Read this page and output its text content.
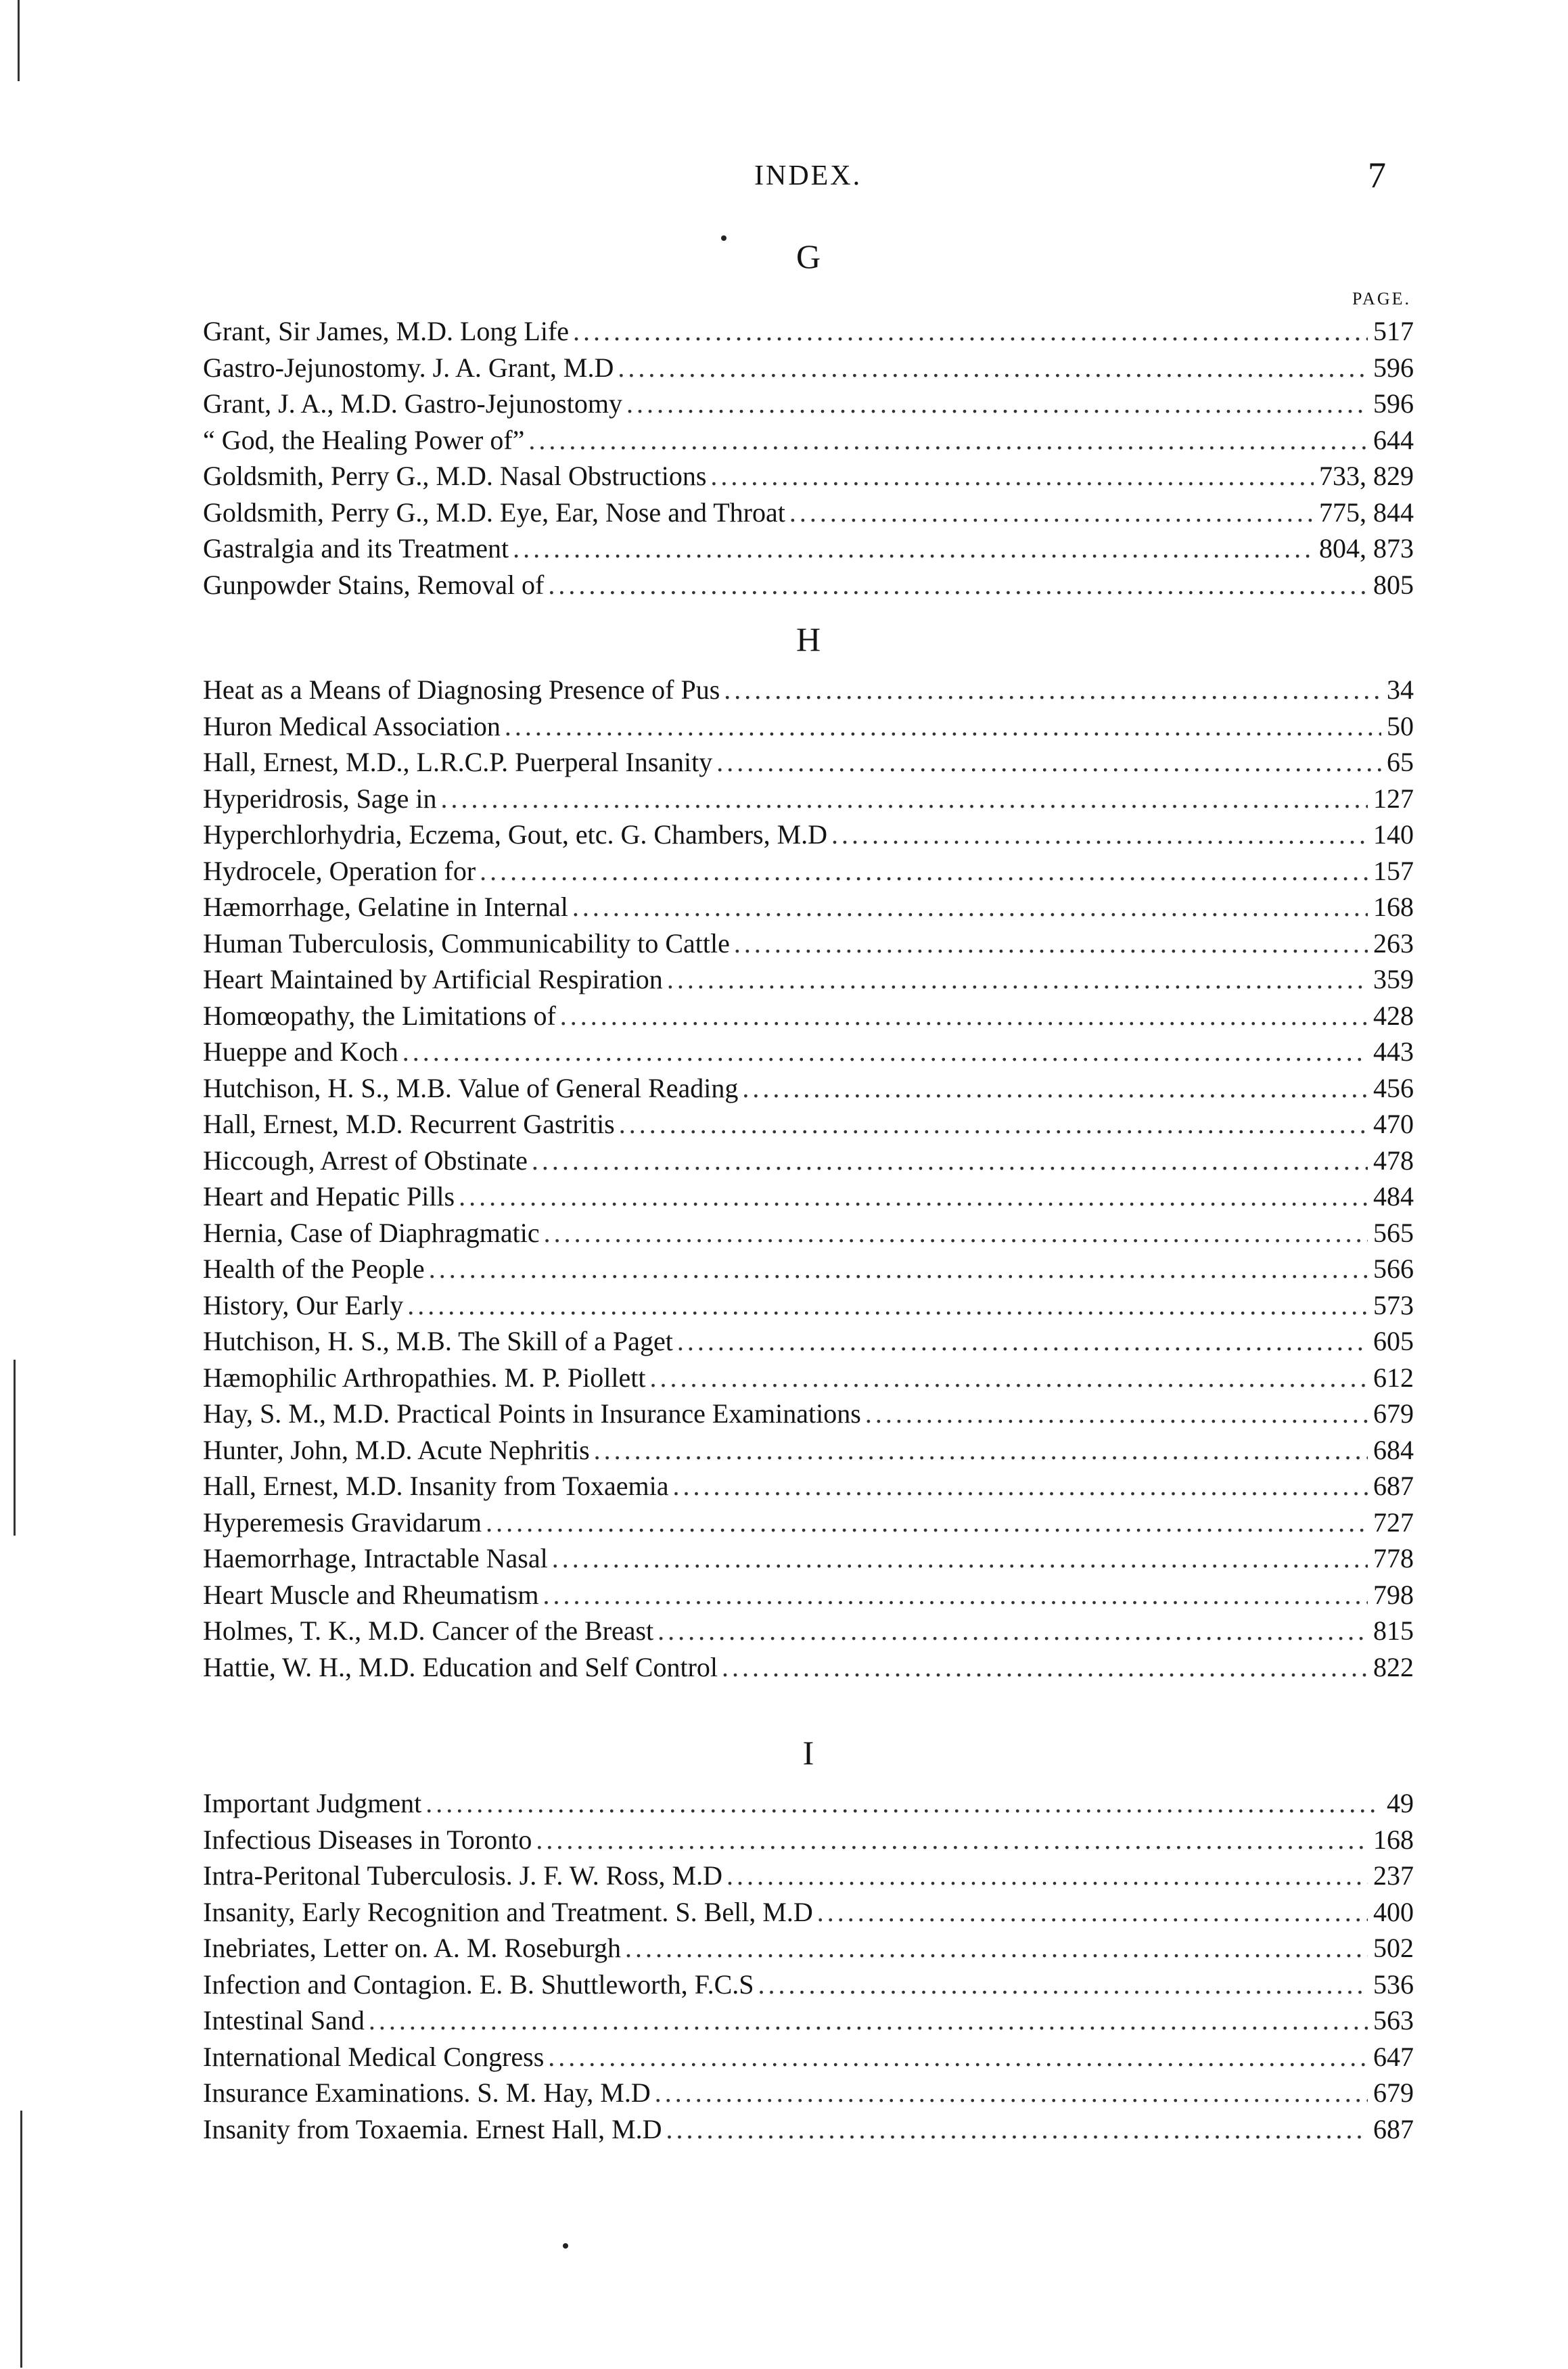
INDEX.	7
G
PAGE.
Grant, Sir James, M.D. Long Life .....	517
Gastro-Jejunostomy. J. A. Grant, M.D .....	596
Grant, J. A., M.D. Gastro-Jejunostomy .....	596
“ God, the Healing Power of” .....	644
Goldsmith, Perry G., M.D. Nasal Obstructions .....	733, 829
Goldsmith, Perry G., M.D. Eye, Ear, Nose and Throat .....	775, 844
Gastralgia and its Treatment .....	804, 873
Gunpowder Stains, Removal of .....	805
H
Heat as a Means of Diagnosing Presence of Pus .....	34
Huron Medical Association .....	50
Hall, Ernest, M.D., L.R.C.P. Puerperal Insanity .....	65
Hyperidrosis, Sage in .....	127
Hyperchlorhydria, Eczema, Gout, etc. G. Chambers, M.D .....	140
Hydrocele, Operation for .....	157
Hæmorrhage, Gelatine in Internal .....	168
Human Tuberculosis, Communicability to Cattle .....	263
Heart Maintained by Artificial Respiration .....	359
Homœopathy, the Limitations of .....	428
Hueppe and Koch .....	443
Hutchison, H. S., M.B. Value of General Reading .....	456
Hall, Ernest, M.D. Recurrent Gastritis .....	470
Hiccough, Arrest of Obstinate .....	478
Heart and Hepatic Pills .....	484
Hernia, Case of Diaphragmatic .....	565
Health of the People .....	566
History, Our Early .....	573
Hutchison, H. S., M.B. The Skill of a Paget .....	605
Hæmophilic Arthropathies. M. P. Piollett .....	612
Hay, S. M., M.D. Practical Points in Insurance Examinations .....	679
Hunter, John, M.D. Acute Nephritis .....	684
Hall, Ernest, M.D. Insanity from Toxaemia .....	687
Hyperemesis Gravidarum .....	727
Haemorrhage, Intractable Nasal .....	778
Heart Muscle and Rheumatism .....	798
Holmes, T. K., M.D. Cancer of the Breast .....	815
Hattie, W. H., M.D. Education and Self Control .....	822
I
Important Judgment .....	49
Infectious Diseases in Toronto .....	168
Intra-Peritonal Tuberculosis. J. F. W. Ross, M.D .....	237
Insanity, Early Recognition and Treatment. S. Bell, M.D .....	400
Inebriates, Letter on. A. M. Roseburgh .....	502
Infection and Contagion. E. B. Shuttleworth, F.C.S .....	536
Intestinal Sand .....	563
International Medical Congress .....	647
Insurance Examinations. S. M. Hay, M.D .....	679
Insanity from Toxaemia. Ernest Hall, M.D .....	687
